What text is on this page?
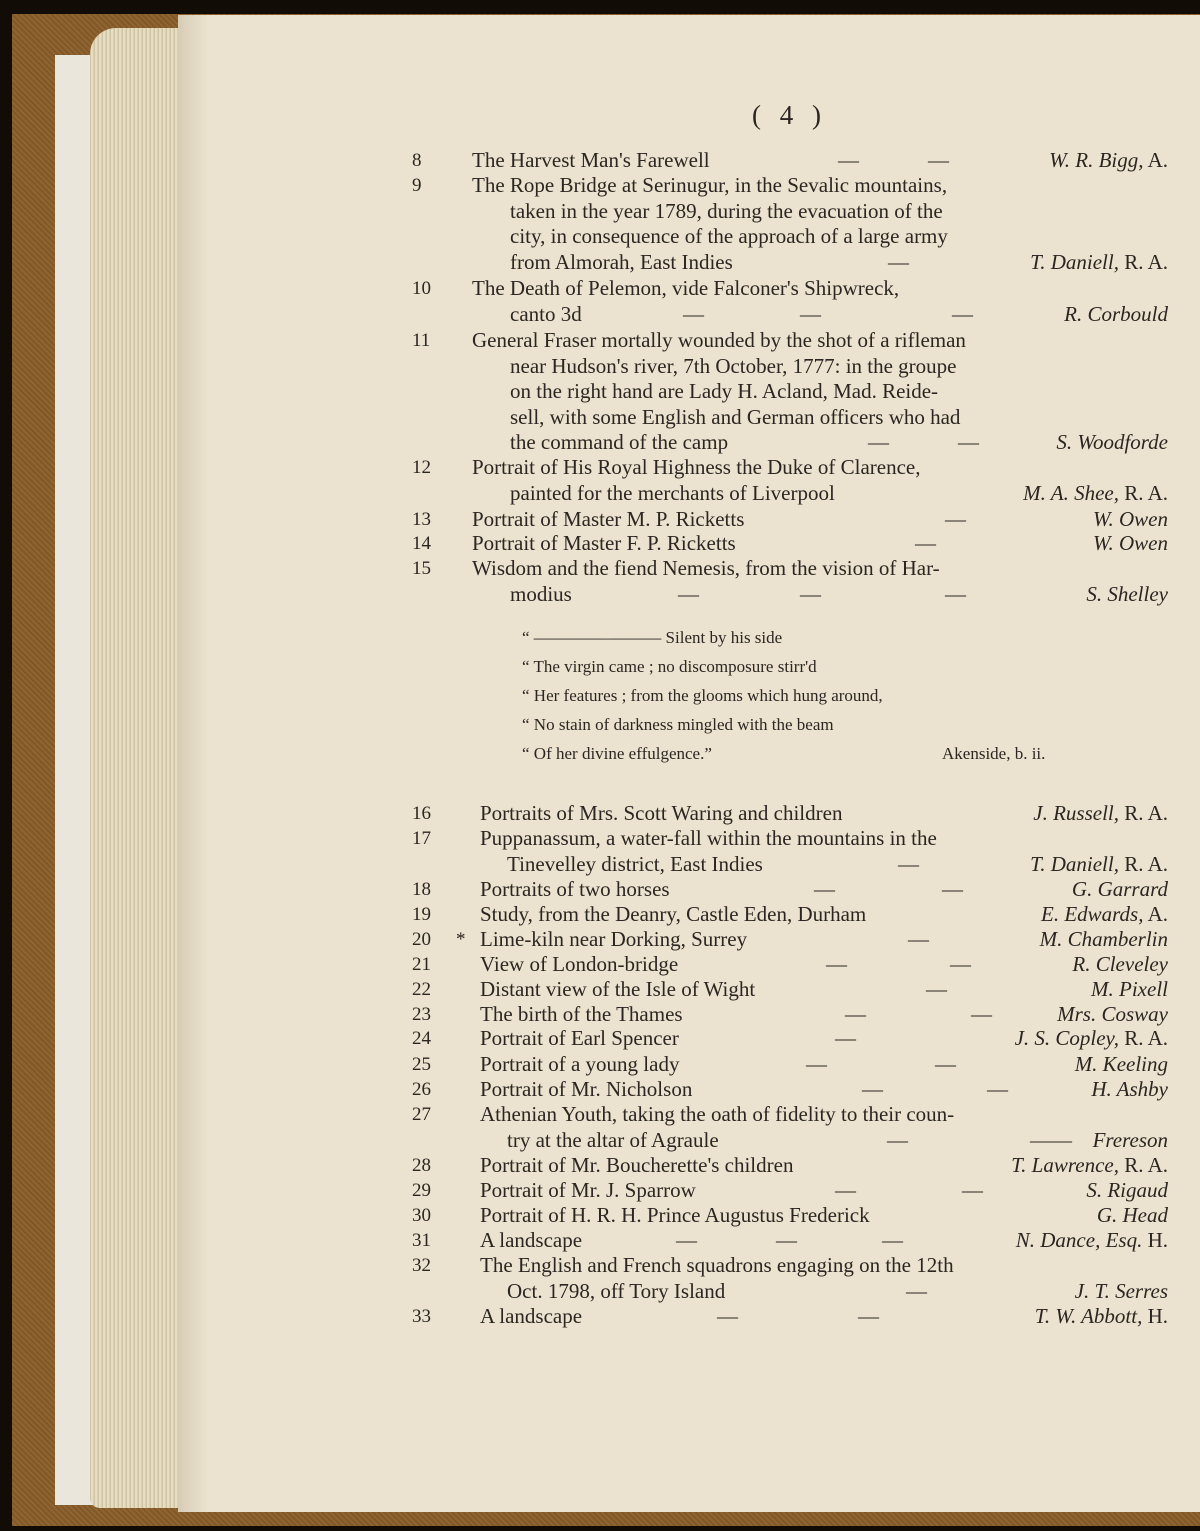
( 4 )
8	The Harvest Man's Farewell	—	—	W. R. Bigg, A.
9	The Rope Bridge at Serinugur, in the Sevalic mountains,
taken in the year 1789, during the evacuation of the
city, in consequence of the approach of a large army
from Almorah, East Indies	—	T. Daniell, R. A.
10	The Death of Pelemon, vide Falconer's Shipwreck,
canto 3d	—	—	—	R. Corbould
11	General Fraser mortally wounded by the shot of a rifleman
near Hudson's river, 7th October, 1777: in the groupe
on the right hand are Lady H. Acland, Mad. Reide-
sell, with some English and German officers who had
the command of the camp	—	—	S. Woodforde
12	Portrait of His Royal Highness the Duke of Clarence,
painted for the merchants of Liverpool	M. A. Shee, R. A.
13	Portrait of Master M. P. Ricketts	—	W. Owen
14	Portrait of Master F. P. Ricketts	—	W. Owen
15	Wisdom and the fiend Nemesis, from the vision of Har-
modius	—	—	—	S. Shelley
16	Portraits of Mrs. Scott Waring and children	J. Russell, R. A.
17	Puppanassum, a water-fall within the mountains in the
Tinevelley district, East Indies	—	T. Daniell, R. A.
18	Portraits of two horses	—	—	G. Garrard
19	Study, from the Deanry, Castle Eden, Durham	E. Edwards, A.
20	* Lime-kiln near Dorking, Surrey	—	M. Chamberlin
21	View of London-bridge	—	—	R. Cleveley
22	Distant view of the Isle of Wight	—	M. Pixell
23	The birth of the Thames	—	—	Mrs. Cosway
24	Portrait of Earl Spencer	—	J. S. Copley, R. A.
25	Portrait of a young lady	—	—	M. Keeling
26	Portrait of Mr. Nicholson	—	—	H. Ashby
27	Athenian Youth, taking the oath of fidelity to their coun-
try at the altar of Agraule	—	—— Frereson
28	Portrait of Mr. Boucherette's children	T. Lawrence, R. A.
29	Portrait of Mr. J. Sparrow	—	—	S. Rigaud
30	Portrait of H. R. H. Prince Augustus Frederick	G. Head
31	A landscape	—	—	—	N. Dance, Esq. H.
32	The English and French squadrons engaging on the 12th
Oct. 1798, off Tory Island	—	J. T. Serres
33	A landscape	—	—	T. W. Abbott, H.
“ ————–——— Silent by his side
“ The virgin came ; no discomposure stirr'd
“ Her features ; from the glooms which hung around,
“ No stain of darkness mingled with the beam
“ Of her divine effulgence.”	Akenside, b. ii.
